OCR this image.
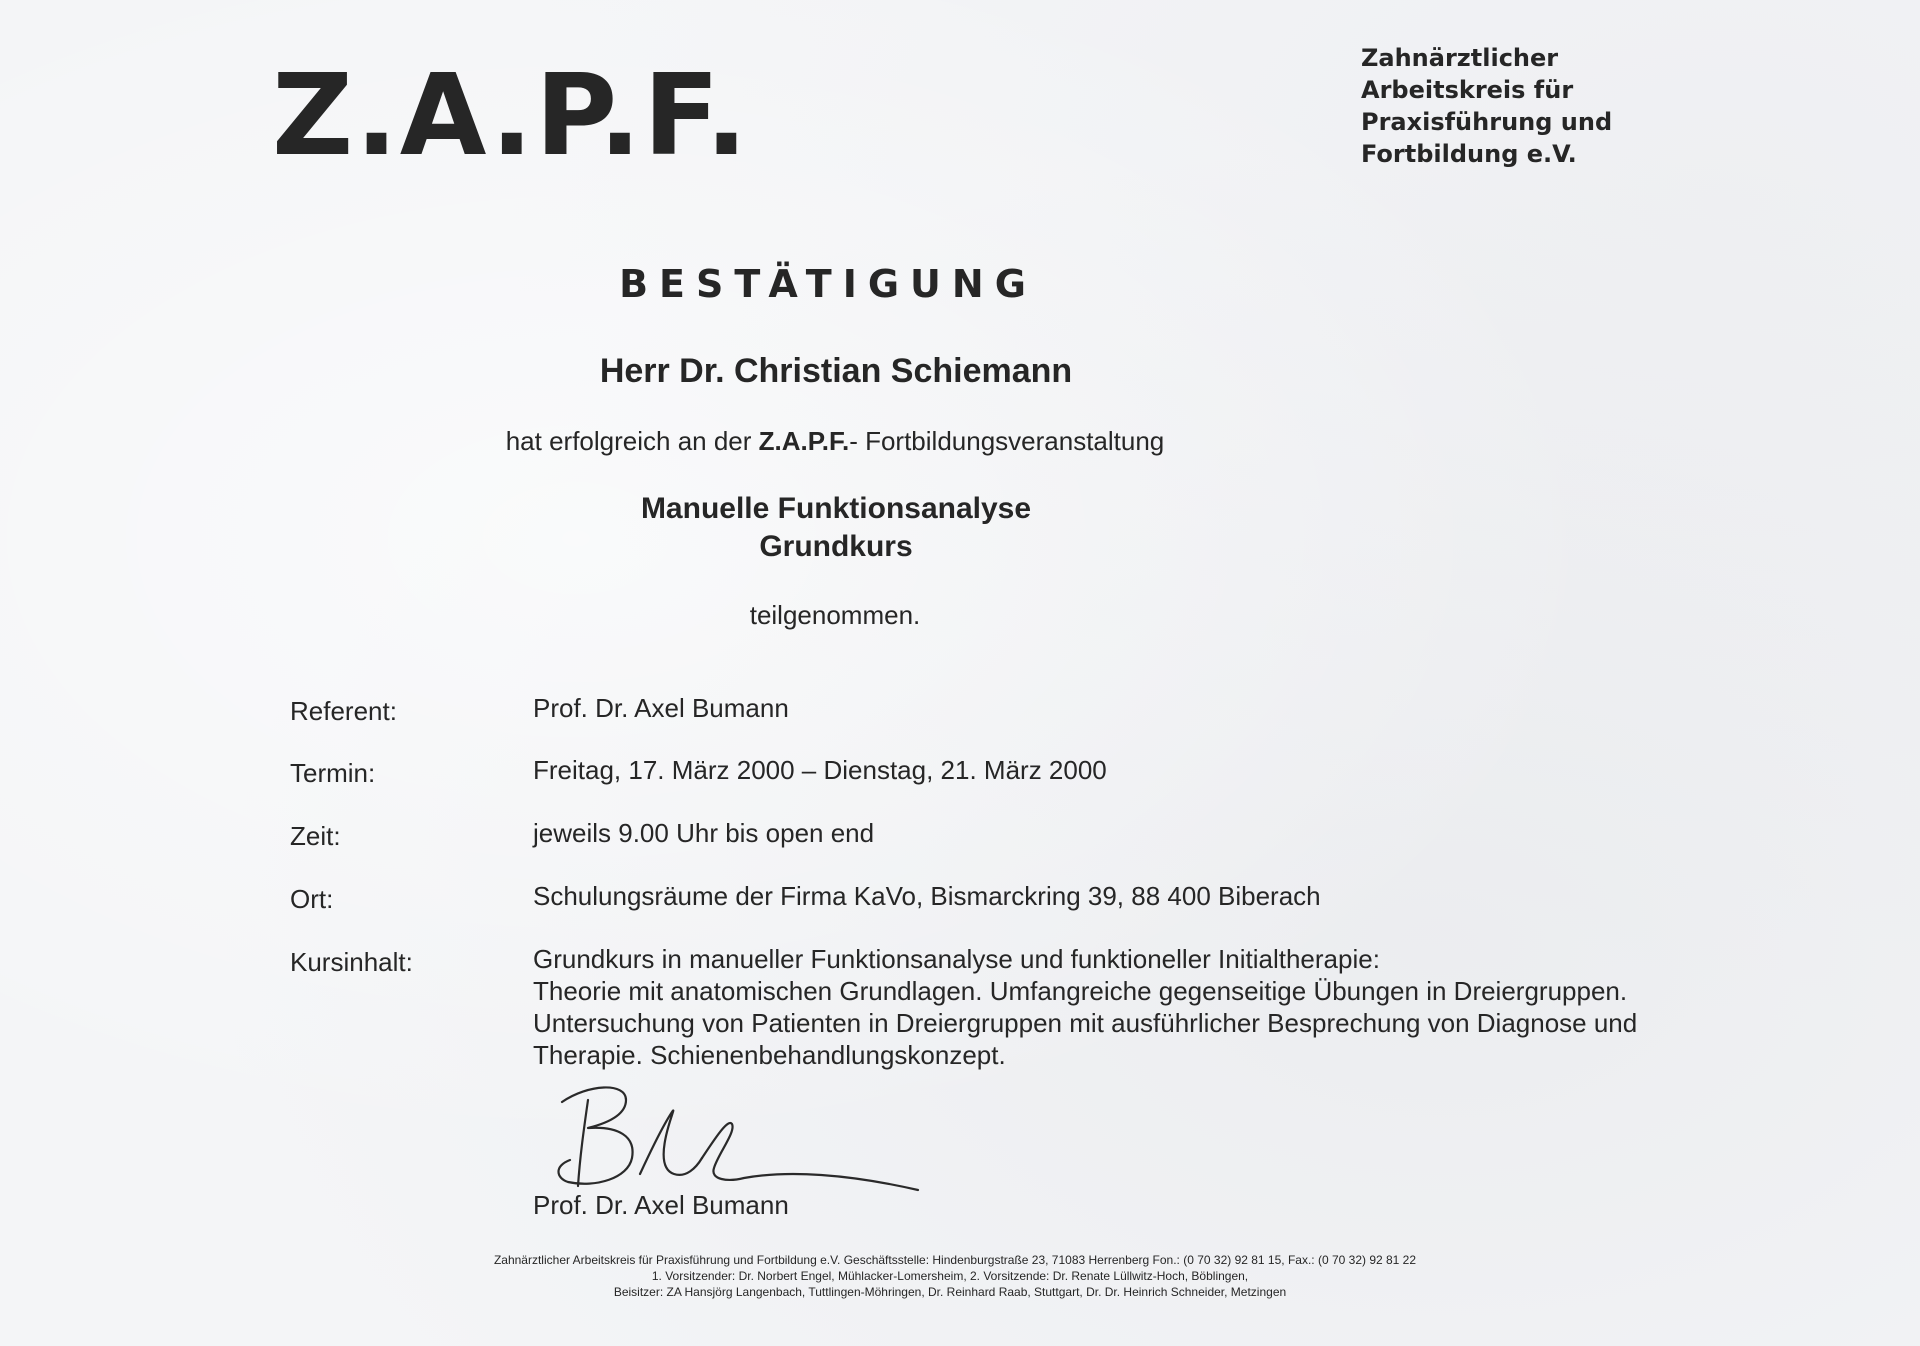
Z.A.P.F.	Zahnärztlicher
Arbeitskreis für
Praxisführung und
Fortbildung e.V.
BESTÄTIGUNG
Herr Dr. Christian Schiemann
hat erfolgreich an der Z.A.P.F.- Fortbildungsveranstaltung
Manuelle Funktionsanalyse
Grundkurs
teilgenommen.
Referent:	Prof. Dr. Axel Bumann
Termin:	Freitag, 17. März 2000 – Dienstag, 21. März 2000
Zeit:	jeweils 9.00 Uhr bis open end
Ort:	Schulungsräume der Firma KaVo, Bismarckring 39, 88 400 Biberach
Kursinhalt:	Grundkurs in manueller Funktionsanalyse und funktioneller Initialtherapie:
Theorie mit anatomischen Grundlagen. Umfangreiche gegenseitige Übungen in Dreiergruppen.
Untersuchung von Patienten in Dreiergruppen mit ausführlicher Besprechung von Diagnose und
Therapie. Schienenbehandlungskonzept.
Prof. Dr. Axel Bumann
Zahnärztlicher Arbeitskreis für Praxisführung und Fortbildung e.V. Geschäftsstelle: Hindenburgstraße 23, 71083 Herrenberg Fon.: (0 70 32) 92 81 15, Fax.: (0 70 32) 92 81 22
1. Vorsitzender: Dr. Norbert Engel, Mühlacker-Lomersheim, 2. Vorsitzende: Dr. Renate Lüllwitz-Hoch, Böblingen,
Beisitzer: ZA Hansjörg Langenbach, Tuttlingen-Möhringen, Dr. Reinhard Raab, Stuttgart, Dr. Dr. Heinrich Schneider, Metzingen
